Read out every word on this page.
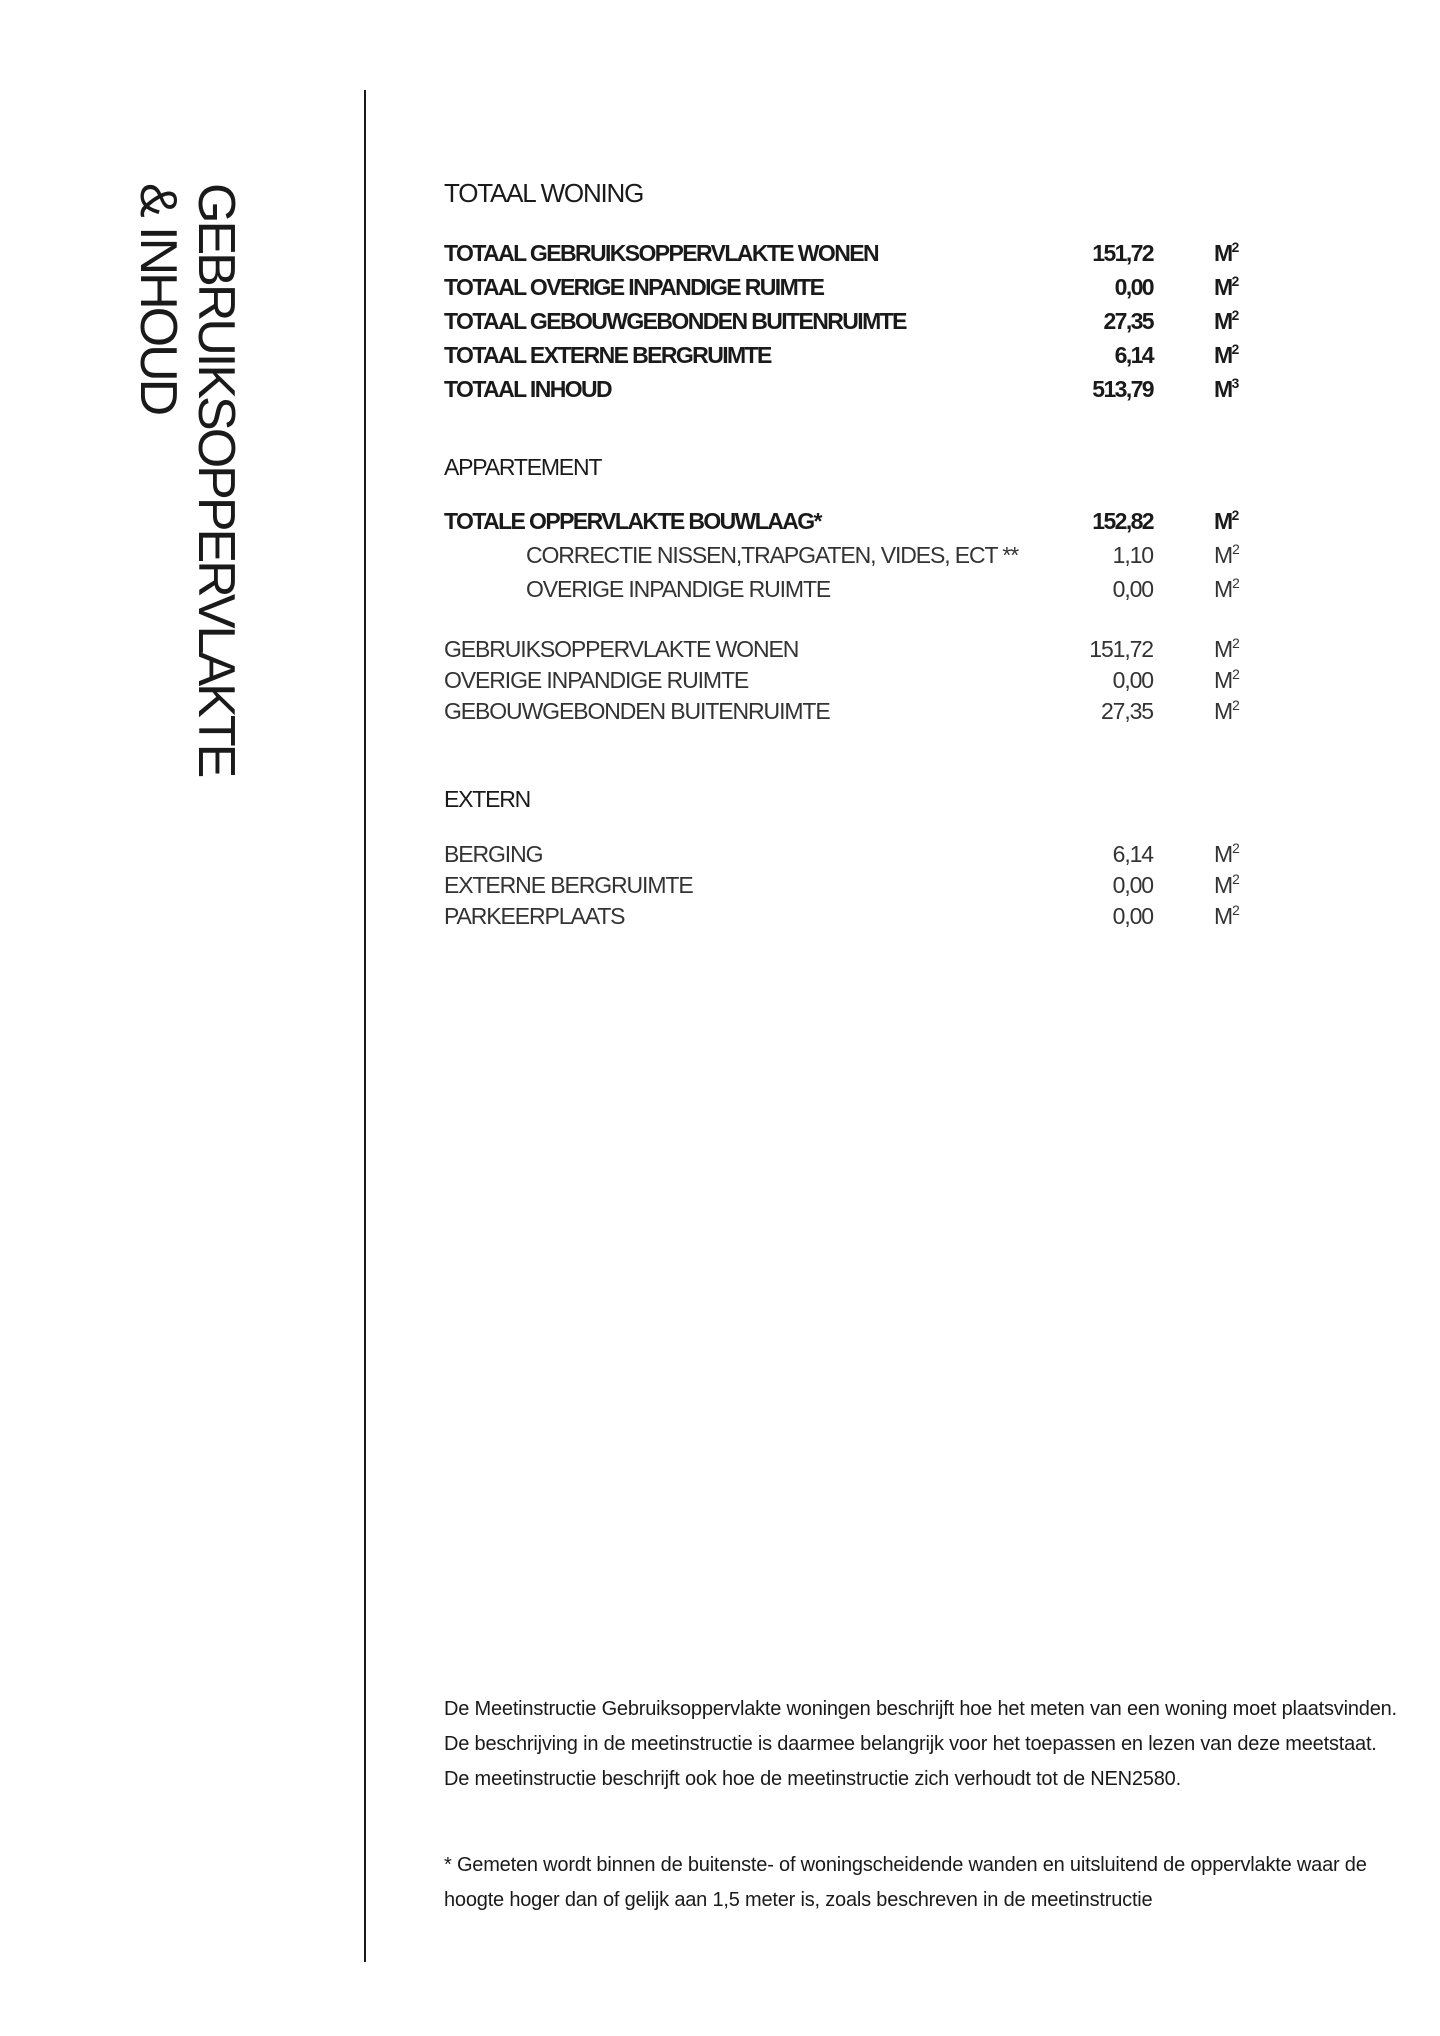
GEBRUIKSOPPERVLAKTE
& INHOUD	TOTAAL WONING
TOTAAL GEBRUIKSOPPERVLAKTE WONEN	151,72	$M^2$
TOTAAL OVERIGE INPANDIGE RUIMTE	0,00	$M^2$
TOTAAL GEBOUWGEBONDEN BUITENRUIMTE	27,35	$M^2$
TOTAAL EXTERNE BERGRUIMTE	6,14	$M^2$
TOTAAL INHOUD	513,79	$M^3$
APPARTEMENT
TOTALE OPPERVLAKTE BOUWLAAG*	152,82	$M^2$
CORRECTIE NISSEN,TRAPGATEN, VIDES, ECT **	1,10	$M^2$
OVERIGE INPANDIGE RUIMTE	0,00	$M^2$
GEBRUIKSOPPERVLAKTE WONEN	151,72	$M^2$
OVERIGE INPANDIGE RUIMTE	0,00	$M^2$
GEBOUWGEBONDEN BUITENRUIMTE	27,35	$M^2$
EXTERN
BERGING	6,14	$M^2$
EXTERNE BERGRUIMTE	0,00	$M^2$
PARKEERPLAATS	0,00	$M^2$
De Meetinstructie Gebruiksoppervlakte woningen beschrijft hoe het meten van een woning moet plaatsvinden. De beschrijving in de meetinstructie is daarmee belangrijk voor het toepassen en lezen van deze meetstaat. De meetinstructie beschrijft ook hoe de meetinstructie zich verhoudt tot de NEN2580.
* Gemeten wordt binnen de buitenste- of woningscheidende wanden en uitsluitend de oppervlakte waar de hoogte hoger dan of gelijk aan 1,5 meter is, zoals beschreven in de meetinstructie
